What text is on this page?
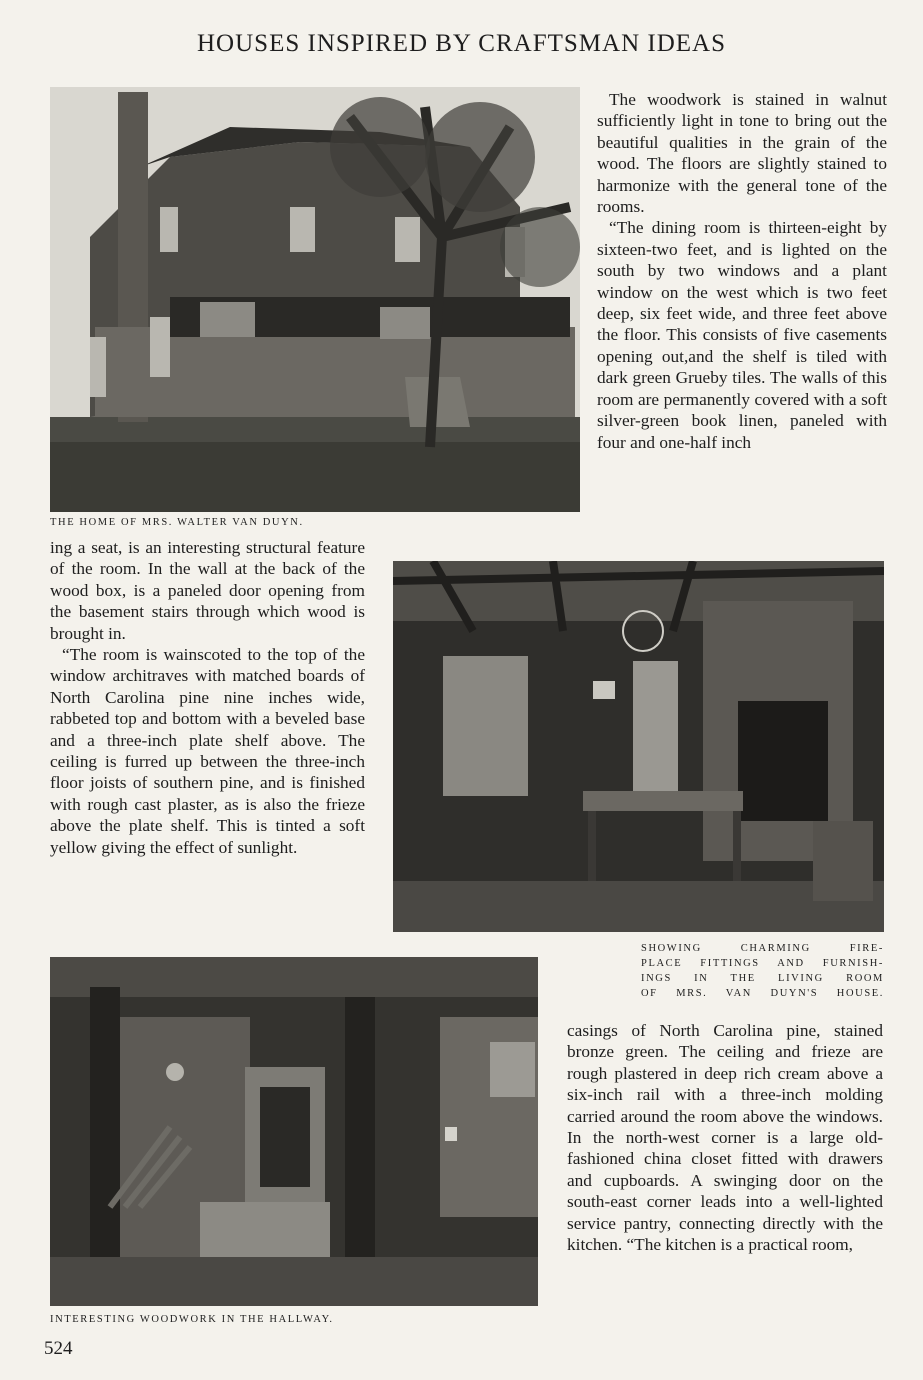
HOUSES INSPIRED BY CRAFTSMAN IDEAS
THE HOME OF MRS. WALTER VAN DUYN.

The woodwork is stained in walnut sufficiently light in tone to bring out the beautiful qualities in the grain of the wood. The floors are slightly stained to harmonize with the general tone of the rooms.

“The dining room is thirteen-eight by sixteen-two feet, and is lighted on the south by two windows and a plant window on the west which is two feet deep, six feet wide, and three feet above the floor. This consists of five casements opening out,and the shelf is tiled with dark green Grueby tiles. The walls of this room are permanently covered with a soft silver-green book linen, paneled with four and one-half inch

ing a seat, is an interesting structural feature of the room. In the wall at the back of the wood box, is a paneled door opening from the basement stairs through which wood is brought in.

“The room is wainscoted to the top of the window architraves with matched boards of North Carolina pine nine inches wide, rabbeted top and bottom with a beveled base and a three-inch plate shelf above. The ceiling is furred up between the three-inch floor joists of southern pine, and is finished with rough cast plaster, as is also the frieze above the plate shelf. This is tinted a soft yellow giving the effect of sunlight.

SHOWING CHARMING FIRE-
PLACE FITTINGS AND FURNISH-
INGS IN THE LIVING ROOM
OF MRS. VAN DUYN'S HOUSE.
INTERESTING WOODWORK IN THE HALLWAY.

casings of North Carolina pine, stained bronze green. The ceiling and frieze are rough plastered in deep rich cream above a six-inch rail with a three-inch molding carried around the room above the windows. In the north-west corner is a large old-fashioned china closet fitted with drawers and cupboards. A swinging door on the south-east corner leads into a well-lighted service pantry, connecting directly with the kitchen. “The kitchen is a practical room,

524
